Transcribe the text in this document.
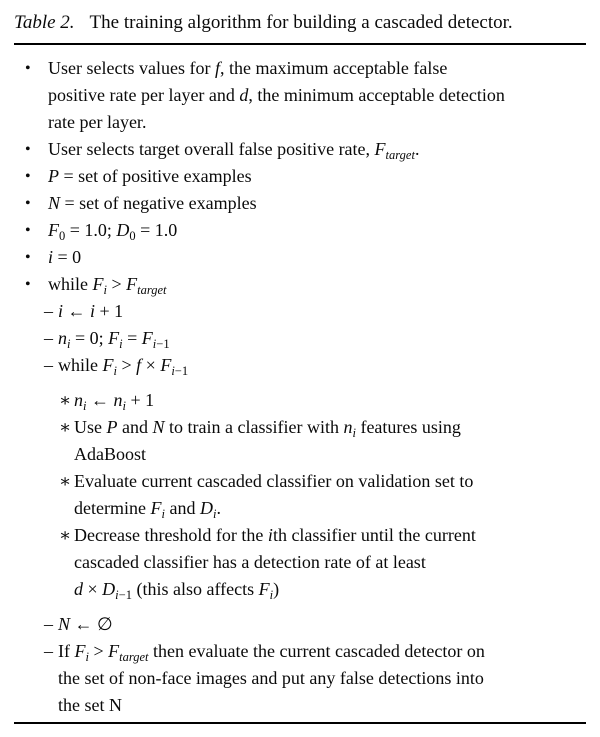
Table 2. The training algorithm for building a cascaded detector.
• User selects values for f, the maximum acceptable false
positive rate per layer and d, the minimum acceptable detection
rate per layer.
• User selects target overall false positive rate, $F_{target}$.
• P = set of positive examples
• N = set of negative examples
• $F_0 = 1.0$; $D_0 = 1.0$
• i = 0
• while $F_i > F_{target}$
– i ← i + 1
– $n_i = 0$; $F_i = F_{i-1}$
– while $F_i > f \times F_{i-1}$
∗ $n_i$ ← $n_i + 1$
∗ Use P and N to train a classifier with $n_i$ features using
AdaBoost
∗ Evaluate current cascaded classifier on validation set to
determine $F_i$ and $D_i$.
∗ Decrease threshold for the ith classifier until the current
cascaded classifier has a detection rate of at least
$d \times D_{i-1}$ (this also affects $F_i$)
– N ← ∅
– If $F_i > F_{target}$ then evaluate the current cascaded detector on
the set of non-face images and put any false detections into
the set N
